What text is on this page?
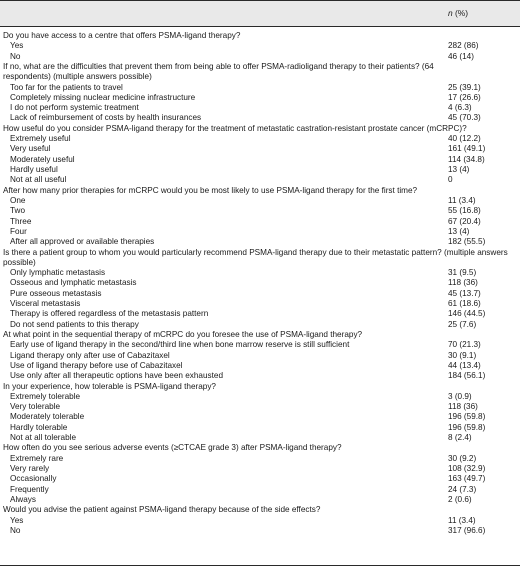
n (%)
Do you have access to a centre that offers PSMA-ligand therapy?
Yes	282 (86)
No	46 (14)
If no, what are the difficulties that prevent them from being able to offer PSMA-radioligand therapy to their patients? (64 respondents) (multiple answers possible)
Too far for the patients to travel	25 (39.1)
Completely missing nuclear medicine infrastructure	17 (26.6)
I do not perform systemic treatment	4 (6.3)
Lack of reimbursement of costs by health insurances	45 (70.3)
How useful do you consider PSMA-ligand therapy for the treatment of metastatic castration-resistant prostate cancer (mCRPC)?
Extremely useful	40 (12.2)
Very useful	161 (49.1)
Moderately useful	114 (34.8)
Hardly useful	13 (4)
Not at all useful	0
After how many prior therapies for mCRPC would you be most likely to use PSMA-ligand therapy for the first time?
One	11 (3.4)
Two	55 (16.8)
Three	67 (20.4)
Four	13 (4)
After all approved or available therapies	182 (55.5)
Is there a patient group to whom you would particularly recommend PSMA-ligand therapy due to their metastatic pattern? (multiple answers possible)
Only lymphatic metastasis	31 (9.5)
Osseous and lymphatic metastasis	118 (36)
Pure osseous metastasis	45 (13.7)
Visceral metastasis	61 (18.6)
Therapy is offered regardless of the metastasis pattern	146 (44.5)
Do not send patients to this therapy	25 (7.6)
At what point in the sequential therapy of mCRPC do you foresee the use of PSMA-ligand therapy?
Early use of ligand therapy in the second/third line when bone marrow reserve is still sufficient	70 (21.3)
Ligand therapy only after use of Cabazitaxel	30 (9.1)
Use of ligand therapy before use of Cabazitaxel	44 (13.4)
Use only after all therapeutic options have been exhausted	184 (56.1)
In your experience, how tolerable is PSMA-ligand therapy?
Extremely tolerable	3 (0.9)
Very tolerable	118 (36)
Moderately tolerable	196 (59.8)
Hardly tolerable	196 (59.8)
Not at all tolerable	8 (2.4)
How often do you see serious adverse events (≥CTCAE grade 3) after PSMA-ligand therapy?
Extremely rare	30 (9.2)
Very rarely	108 (32.9)
Occasionally	163 (49.7)
Frequently	24 (7.3)
Always	2 (0.6)
Would you advise the patient against PSMA-ligand therapy because of the side effects?
Yes	11 (3.4)
No	317 (96.6)
